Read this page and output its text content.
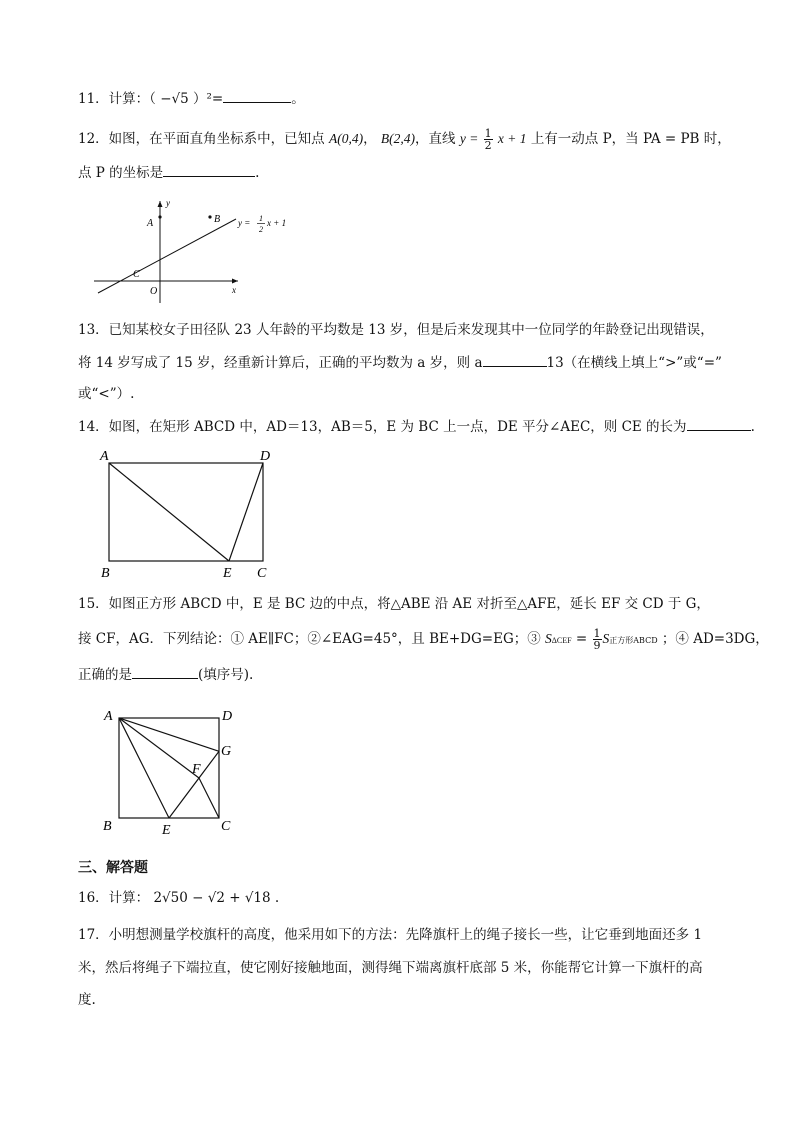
11．计算：（ −√5 ）²=	。
12．如图，在平面直角坐标系中，已知点 A(0,4)， B(2,4)，直线 $y = \frac{1}{2}$ x + 1 上有一动点 P，当 PA = PB 时，
点 P 的坐标是	.
y
x
A	B
C
O
y = 1
2
x + 1
13．已知某校女子田径队 23 人年龄的平均数是 13 岁，但是后来发现其中一位同学的年龄登记出现错误，
将 14 岁写成了 15 岁，经重新计算后，正确的平均数为 a 岁，则 a	13（在横线上填上“>”或“=”
或“<”）.
14．如图，在矩形 ABCD 中，AD＝13，AB＝5，E 为 BC 上一点，DE 平分∠AEC，则 CE 的长为	.
A	D
B	E C
15．如图正方形 ABCD 中，E 是 BC 边的中点，将△ABE 沿 AE 对折至△AFE，延长 EF 交 CD 于 G，
接 CF，AG．下列结论：① AE∥FC；②∠EAG=45°，且 BE+DG=EG；③ $S\Delta CEF = \frac{1}{9}$ S正方形ABCD ；④ AD=3DG，
正确的是	(填序号).
A	D
G
F
B	E	C
三、解答题
16．计算： 2√50 − √2 + √18 .
17．小明想测量学校旗杆的高度，他采用如下的方法：先降旗杆上的绳子接长一些，让它垂到地面还多 1
米，然后将绳子下端拉直，使它刚好接触地面，测得绳下端离旗杆底部 5 米，你能帮它计算一下旗杆的高
度.
